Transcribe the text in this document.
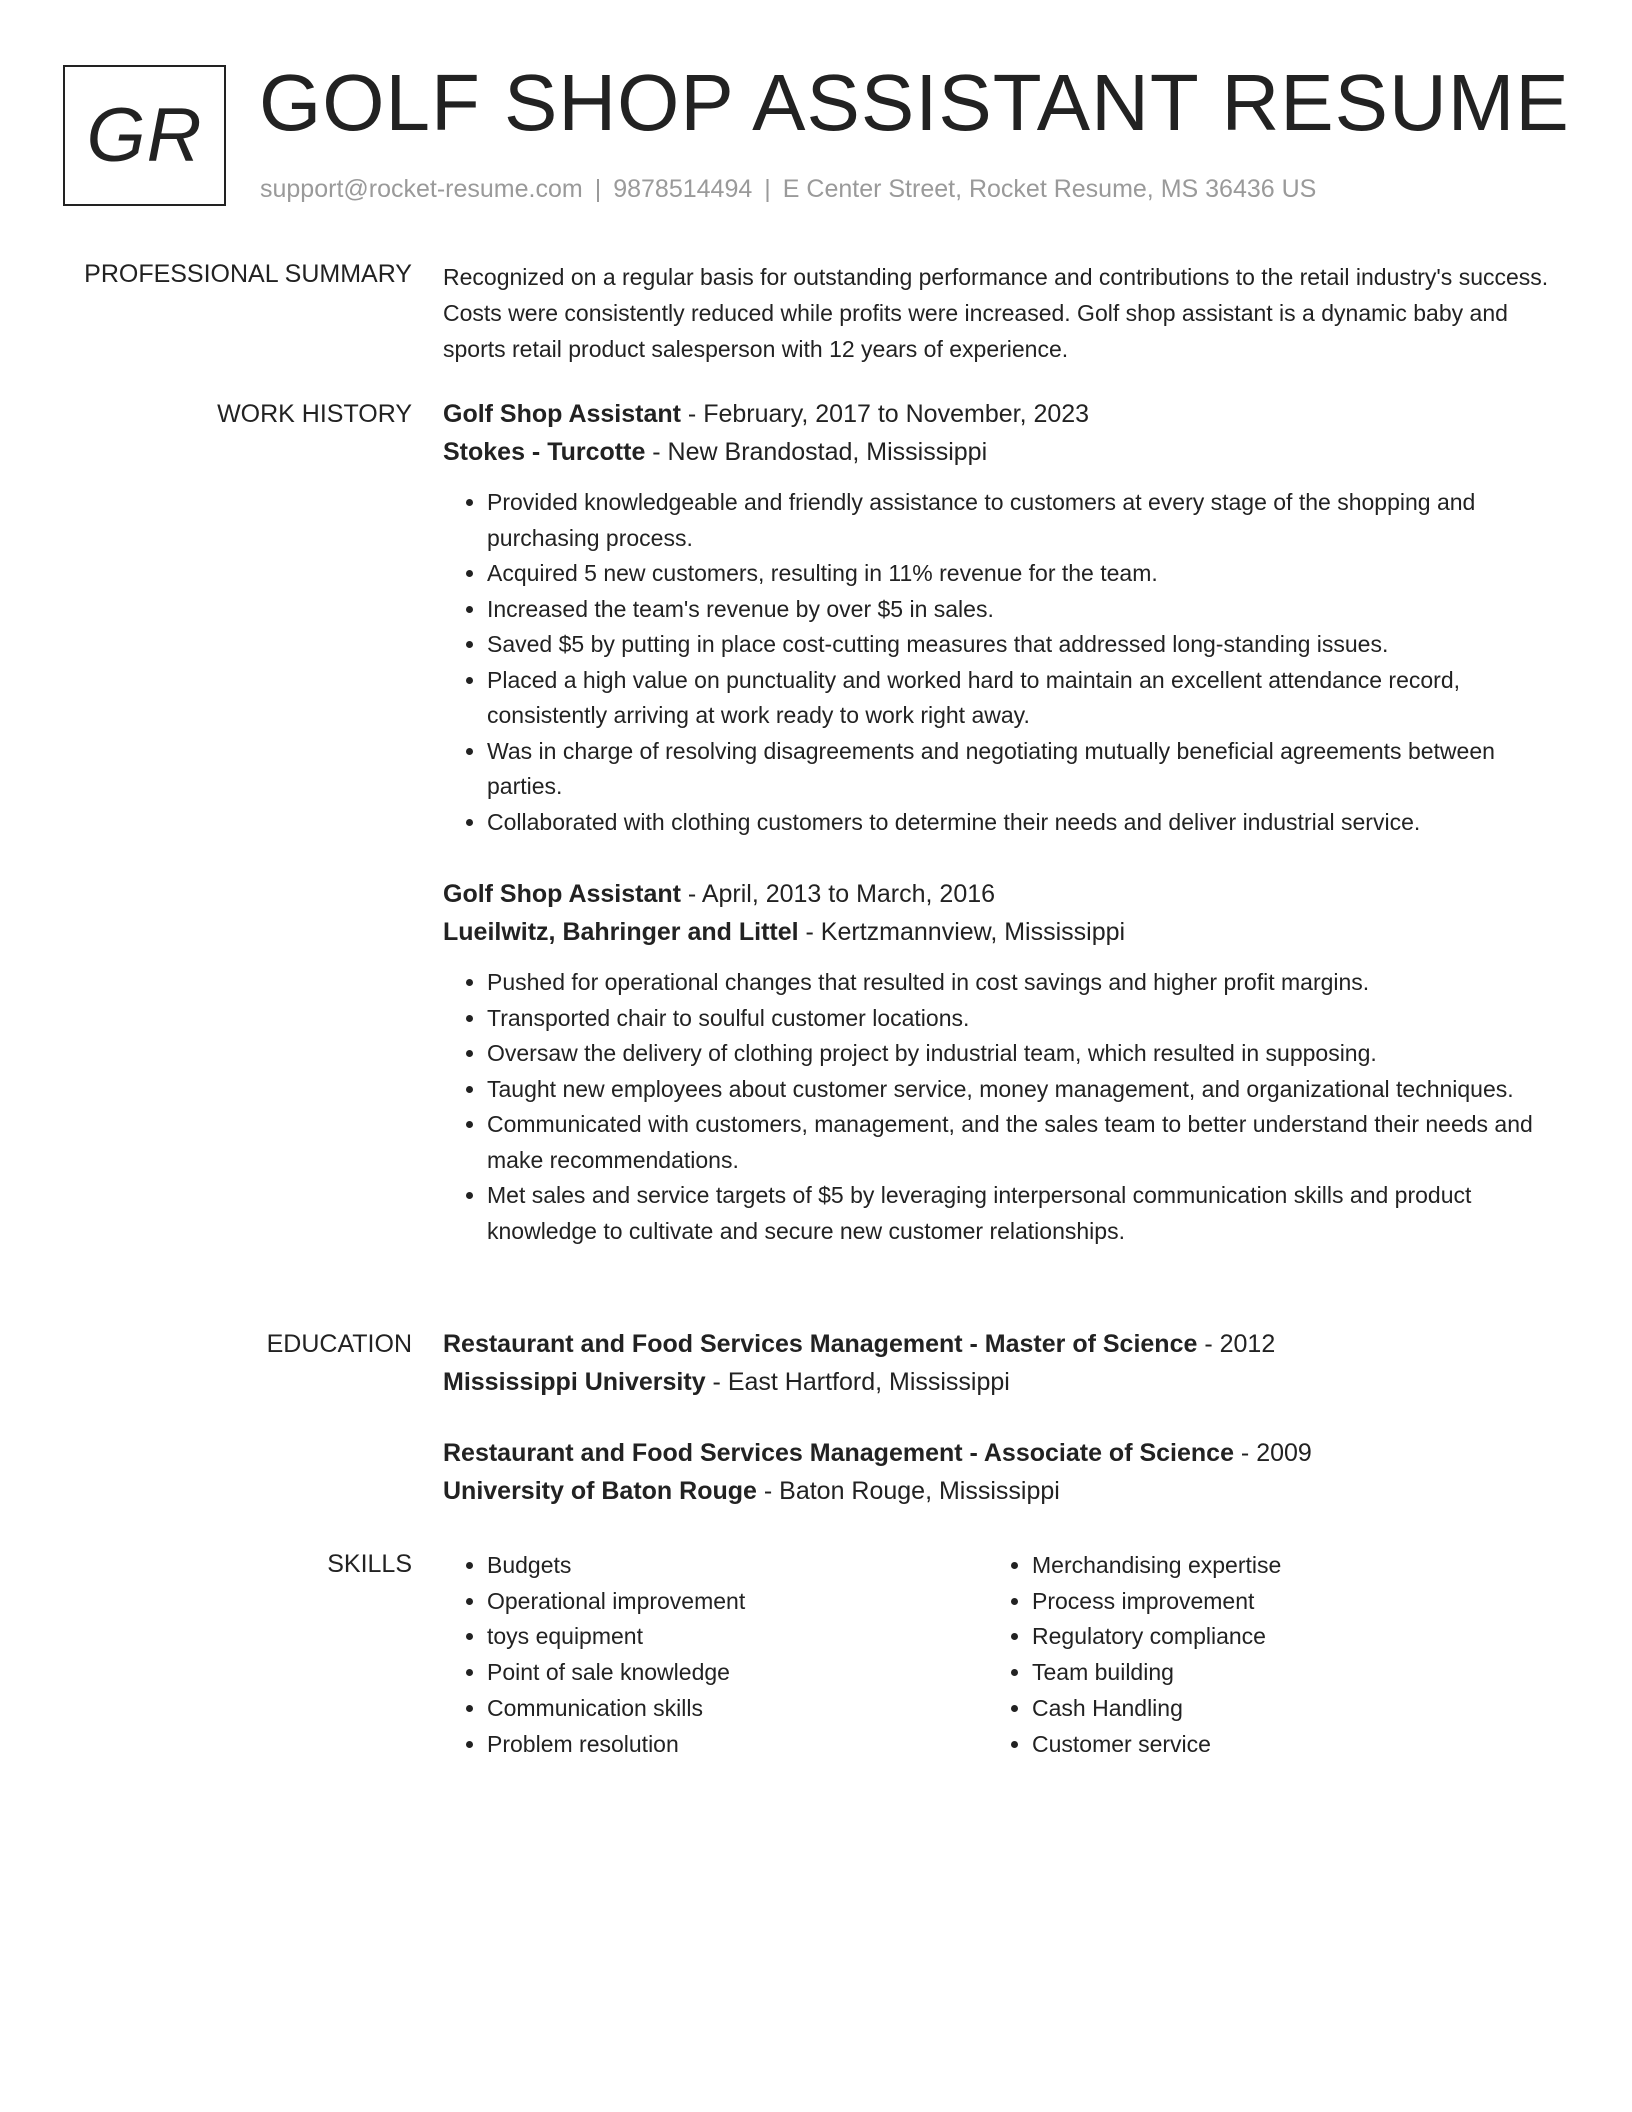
GR GOLF SHOP ASSISTANT RESUME
support@rocket-resume.com | 9878514494 | E Center Street, Rocket Resume, MS 36436 US
PROFESSIONAL SUMMARY Recognized on a regular basis for outstanding performance and contributions to the retail industry's success. Costs were consistently reduced while profits were increased. Golf shop assistant is a dynamic baby and sports retail product salesperson with 12 years of experience.

WORK HISTORY Golf Shop Assistant - February, 2017 to November, 2023

Stokes - Turcotte - New Brandostad, Mississippi

• Provided knowledgeable and friendly assistance to customers at every stage of the shopping and purchasing process.
• Acquired 5 new customers, resulting in 11% revenue for the team.
• Increased the team's revenue by over $5 in sales.
• Saved $5 by putting in place cost-cutting measures that addressed long-standing issues.
• Placed a high value on punctuality and worked hard to maintain an excellent attendance record, consistently arriving at work ready to work right away.
• Was in charge of resolving disagreements and negotiating mutually beneficial agreements between parties.
• Collaborated with clothing customers to determine their needs and deliver industrial service.

Golf Shop Assistant - April, 2013 to March, 2016

Lueilwitz, Bahringer and Littel - Kertzmannview, Mississippi

• Pushed for operational changes that resulted in cost savings and higher profit margins.
• Transported chair to soulful customer locations.
• Oversaw the delivery of clothing project by industrial team, which resulted in supposing.
• Taught new employees about customer service, money management, and organizational techniques.
• Communicated with customers, management, and the sales team to better understand their needs and make recommendations.
• Met sales and service targets of $5 by leveraging interpersonal communication skills and product knowledge to cultivate and secure new customer relationships.
EDUCATION Restaurant and Food Services Management - Master of Science - 2012

Mississippi University - East Hartford, Mississippi

Restaurant and Food Services Management - Associate of Science - 2009

University of Baton Rouge - Baton Rouge, Mississippi

SKILLS
•	Budgets
• Operational improvement
• toys equipment
• Point of sale knowledge
• Communication skills
• Problem resolution
• Merchandising expertise
• Process improvement
• Regulatory compliance
• Team building
• Cash Handling
• Customer service
